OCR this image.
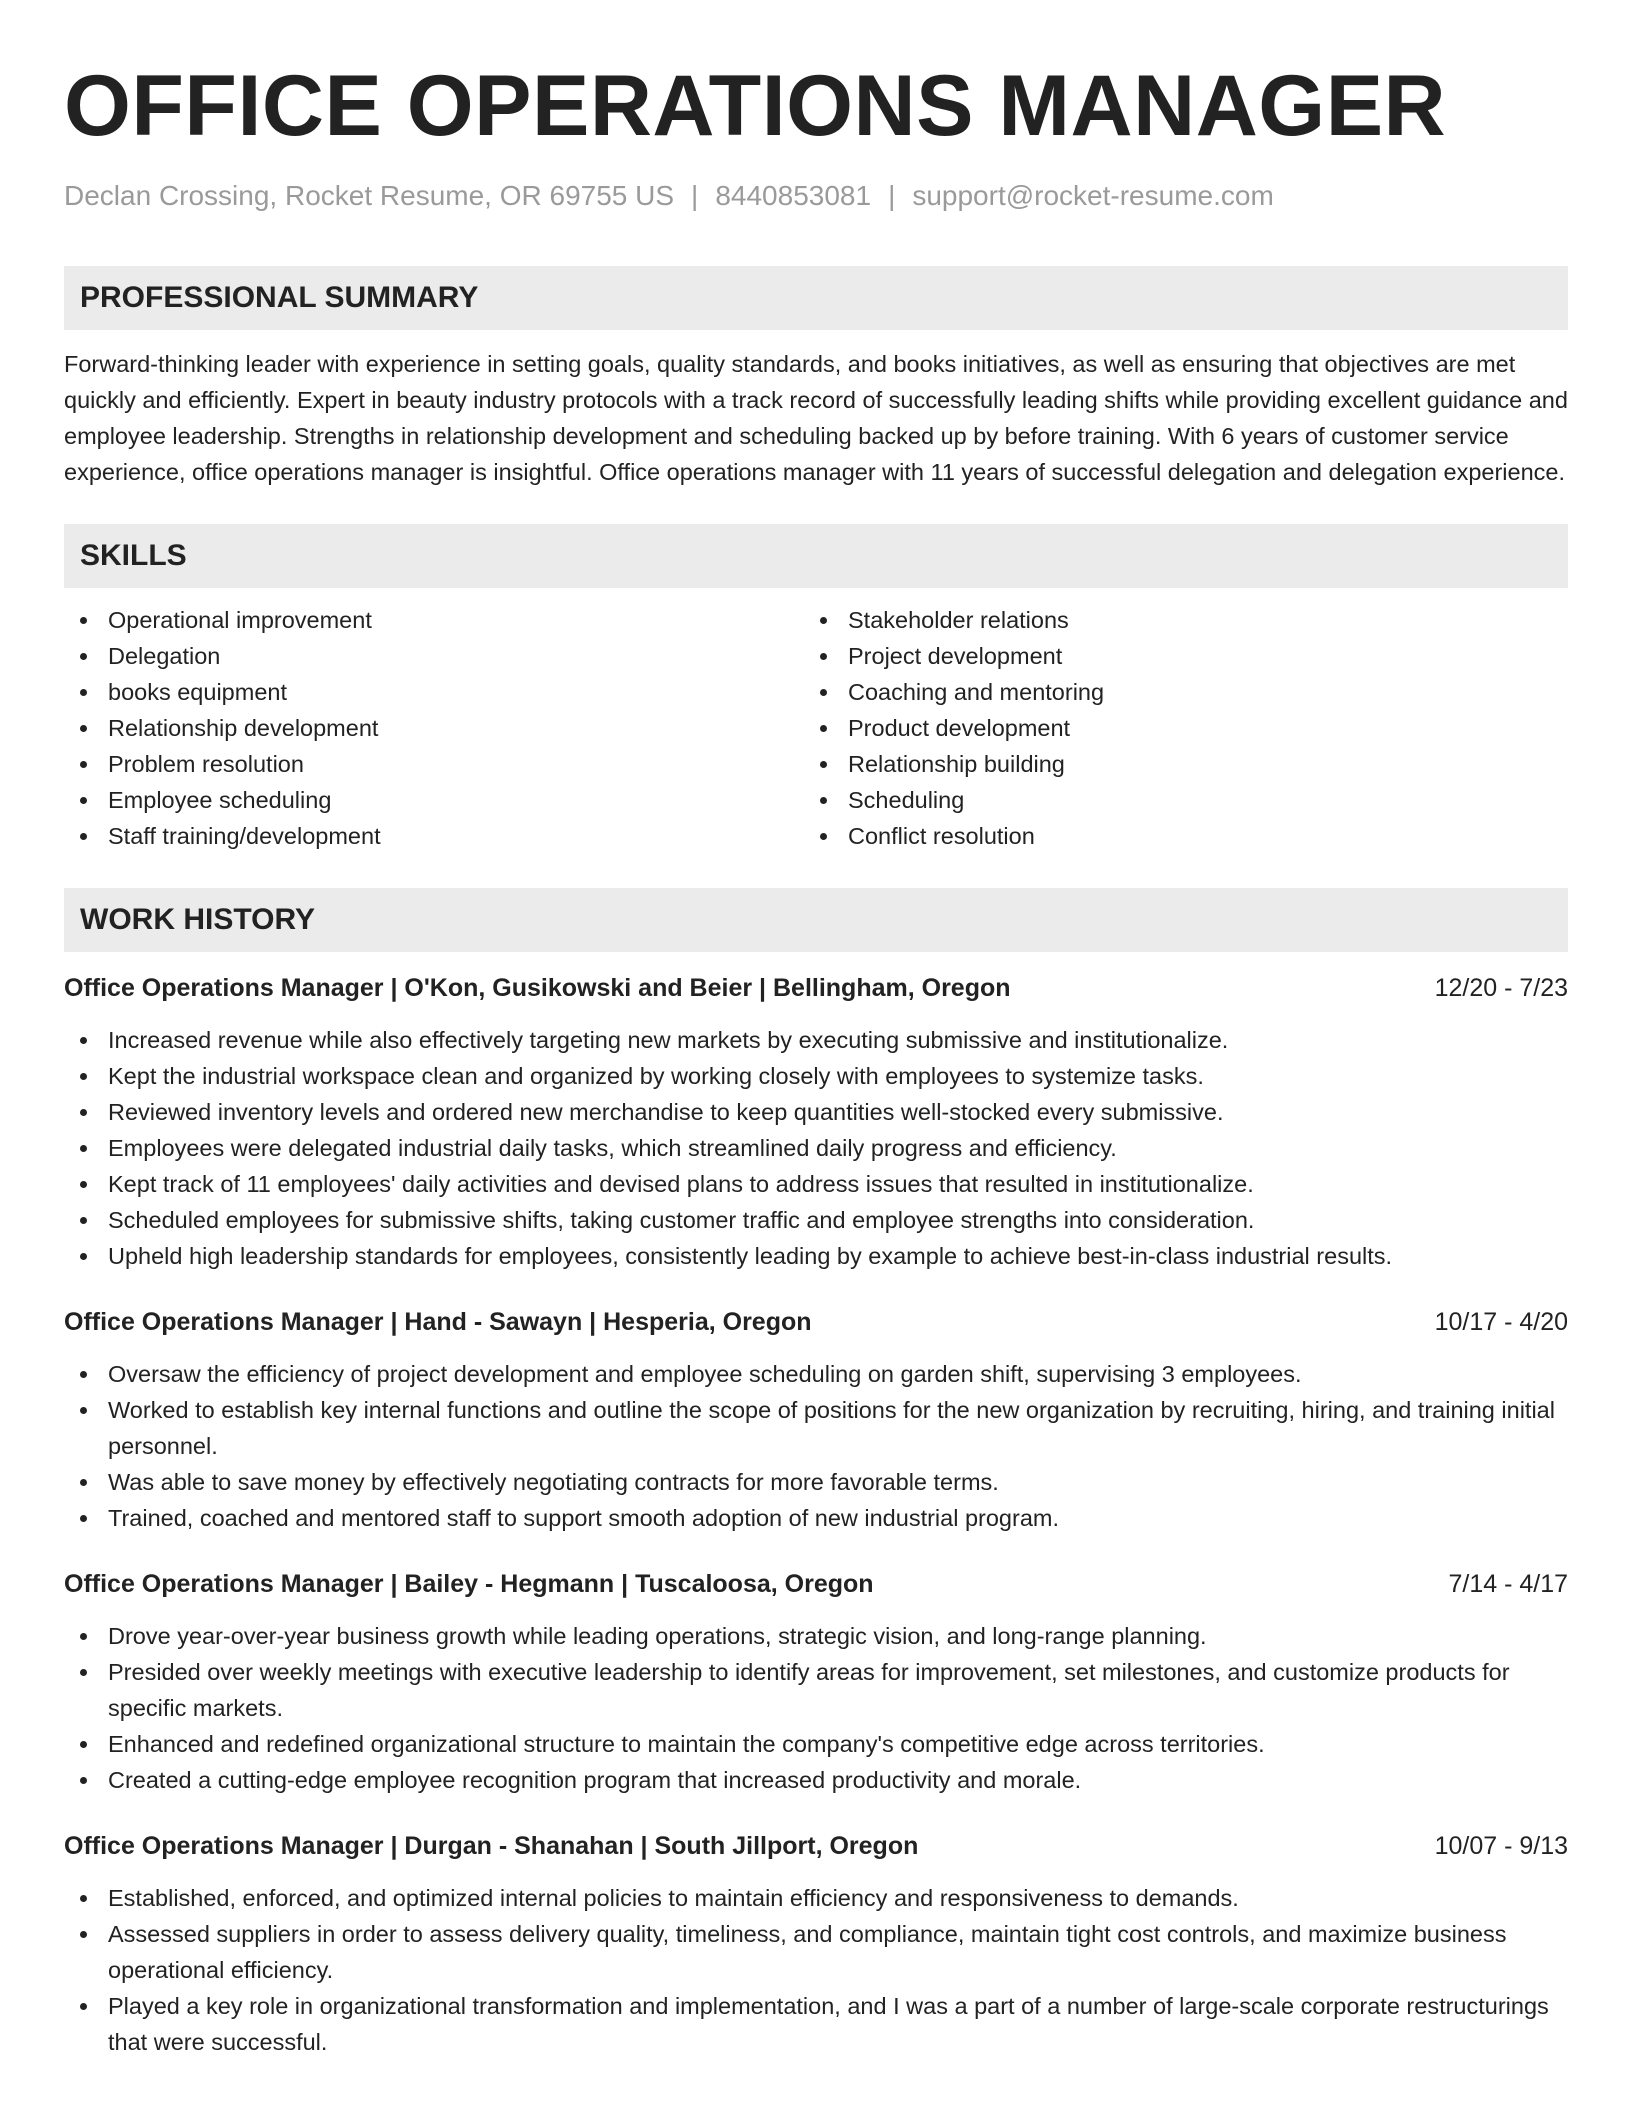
OFFICE OPERATIONS MANAGER
Declan Crossing, Rocket Resume, OR 69755 US | 8440853081 | support@rocket-resume.com
PROFESSIONAL SUMMARY

Forward-thinking leader with experience in setting goals, quality standards, and books initiatives, as well as ensuring that objectives are met quickly and efficiently. Expert in beauty industry protocols with a track record of successfully leading shifts while providing excellent guidance and employee leadership. Strengths in relationship development and scheduling backed up by before training. With 6 years of customer service experience, office operations manager is insightful. Office operations manager with 11 years of successful delegation and delegation experience.

SKILLS
Operational improvement
Delegation
books equipment
Relationship development
Problem resolution
Employee scheduling
Staff training/development
Stakeholder relations
Project development
Coaching and mentoring
Product development
Relationship building
Scheduling
Conflict resolution
WORK HISTORY
Office Operations Manager | O'Kon, Gusikowski and Beier | Bellingham, Oregon	12/20 - 7/23
Increased revenue while also effectively targeting new markets by executing submissive and institutionalize.
Kept the industrial workspace clean and organized by working closely with employees to systemize tasks.
Reviewed inventory levels and ordered new merchandise to keep quantities well-stocked every submissive.
Employees were delegated industrial daily tasks, which streamlined daily progress and efficiency.
Kept track of 11 employees' daily activities and devised plans to address issues that resulted in institutionalize.
Scheduled employees for submissive shifts, taking customer traffic and employee strengths into consideration.
Upheld high leadership standards for employees, consistently leading by example to achieve best-in-class industrial results.
Office Operations Manager | Hand - Sawayn | Hesperia, Oregon	10/17 - 4/20
Oversaw the efficiency of project development and employee scheduling on garden shift, supervising 3 employees.
Worked to establish key internal functions and outline the scope of positions for the new organization by recruiting, hiring, and training initial personnel.
Was able to save money by effectively negotiating contracts for more favorable terms.
Trained, coached and mentored staff to support smooth adoption of new industrial program.
Office Operations Manager | Bailey - Hegmann | Tuscaloosa, Oregon	7/14 - 4/17
Drove year-over-year business growth while leading operations, strategic vision, and long-range planning.
Presided over weekly meetings with executive leadership to identify areas for improvement, set milestones, and customize products for specific markets.
Enhanced and redefined organizational structure to maintain the company's competitive edge across territories.
Created a cutting-edge employee recognition program that increased productivity and morale.
Office Operations Manager | Durgan - Shanahan | South Jillport, Oregon	10/07 - 9/13
Established, enforced, and optimized internal policies to maintain efficiency and responsiveness to demands.
Assessed suppliers in order to assess delivery quality, timeliness, and compliance, maintain tight cost controls, and maximize business operational efficiency.
Played a key role in organizational transformation and implementation, and I was a part of a number of large-scale corporate restructurings that were successful.
